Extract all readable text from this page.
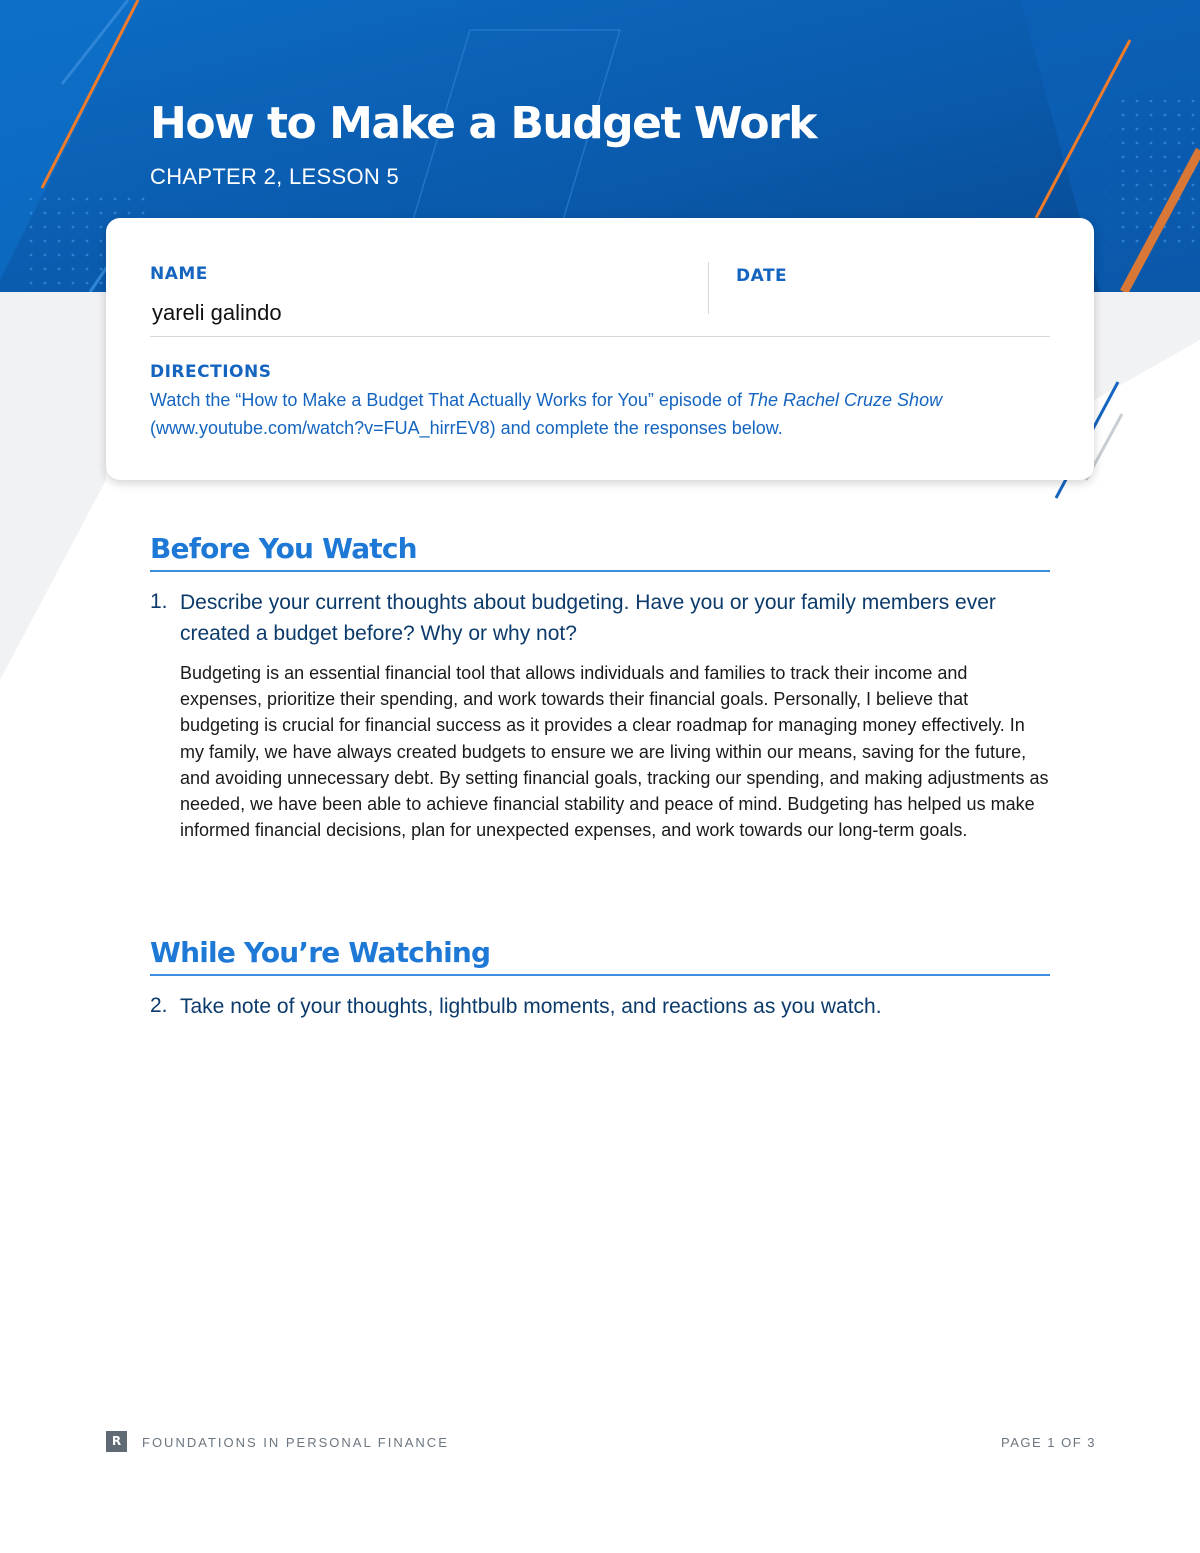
How to Make a Budget Work
CHAPTER 2, LESSON 5
NAME
yareli galindo
DATE
DIRECTIONS
Watch the “How to Make a Budget That Actually Works for You” episode of The Rachel Cruze Show (www.youtube.com/watch?v=FUA_hirrEV8) and complete the responses below.
Before You Watch
1. Describe your current thoughts about budgeting. Have you or your family members ever created a budget before? Why or why not?
Budgeting is an essential financial tool that allows individuals and families to track their income and expenses, prioritize their spending, and work towards their financial goals. Personally, I believe that budgeting is crucial for financial success as it provides a clear roadmap for managing money effectively. In my family, we have always created budgets to ensure we are living within our means, saving for the future, and avoiding unnecessary debt. By setting financial goals, tracking our spending, and making adjustments as needed, we have been able to achieve financial stability and peace of mind. Budgeting has helped us make informed financial decisions, plan for unexpected expenses, and work towards our long-term goals.
While You’re Watching
2. Take note of your thoughts, lightbulb moments, and reactions as you watch.
R	FOUNDATIONS IN PERSONAL FINANCE	PAGE 1 OF 3
